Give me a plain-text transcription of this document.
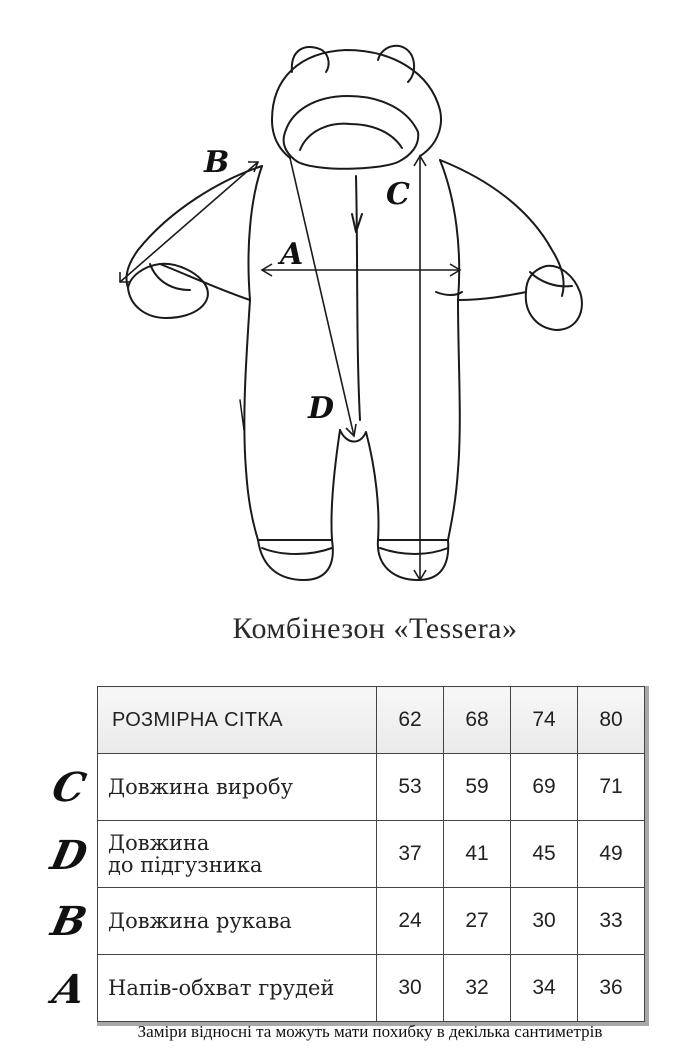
B
C
A
D
Комбінезон «Tessera»
C
D
B
A
РОЗМІРНА СІТКА	62	68	74	80

Довжина виробу	53	59	69	71

Довжина
до підгузника	37	41	45	49

Довжина рукава	24	27	30	33

Напів-обхват грудей	30	32	34	36
Заміри відносні та можуть мати похибку в декілька сантиметрів
